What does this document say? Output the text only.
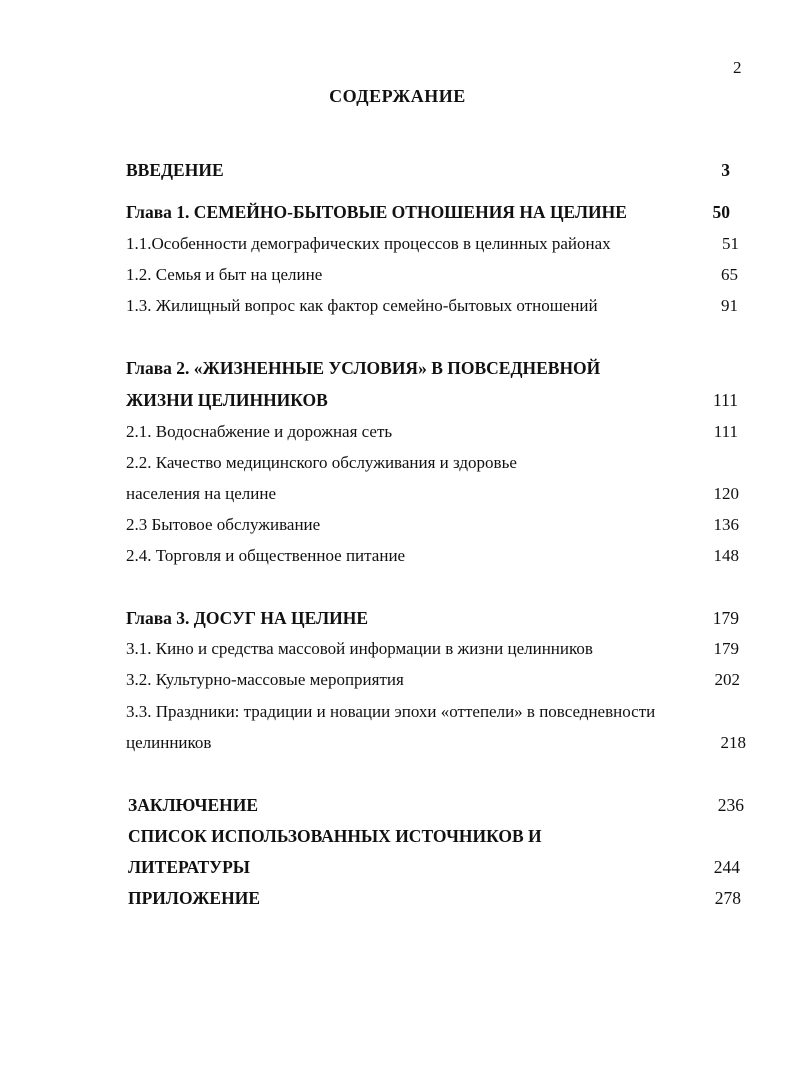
2
СОДЕРЖАНИЕ
ВВЕДЕНИЕ	3
Глава 1. СЕМЕЙНО-БЫТОВЫЕ ОТНОШЕНИЯ НА ЦЕЛИНЕ	50
1.1.Особенности демографических процессов в целинных районах	51
1.2. Семья и быт на целине	65
1.3. Жилищный вопрос как фактор семейно-бытовых отношений	91
Глава 2. «ЖИЗНЕННЫЕ УСЛОВИЯ» В ПОВСЕДНЕВНОЙ
ЖИЗНИ ЦЕЛИННИКОВ	111
2.1. Водоснабжение и дорожная сеть	111
2.2. Качество медицинского обслуживания и здоровье
населения на целине	120
2.3 Бытовое обслуживание	136
2.4. Торговля и общественное питание	148
Глава 3. ДОСУГ НА ЦЕЛИНЕ	179
3.1. Кино и средства массовой информации в жизни целинников	179
3.2. Культурно-массовые мероприятия	202
3.3. Праздники: традиции и новации эпохи «оттепели» в повседневности
целинников	218
ЗАКЛЮЧЕНИЕ	236
СПИСОК ИСПОЛЬЗОВАННЫХ ИСТОЧНИКОВ И
ЛИТЕРАТУРЫ	244
ПРИЛОЖЕНИЕ	278
